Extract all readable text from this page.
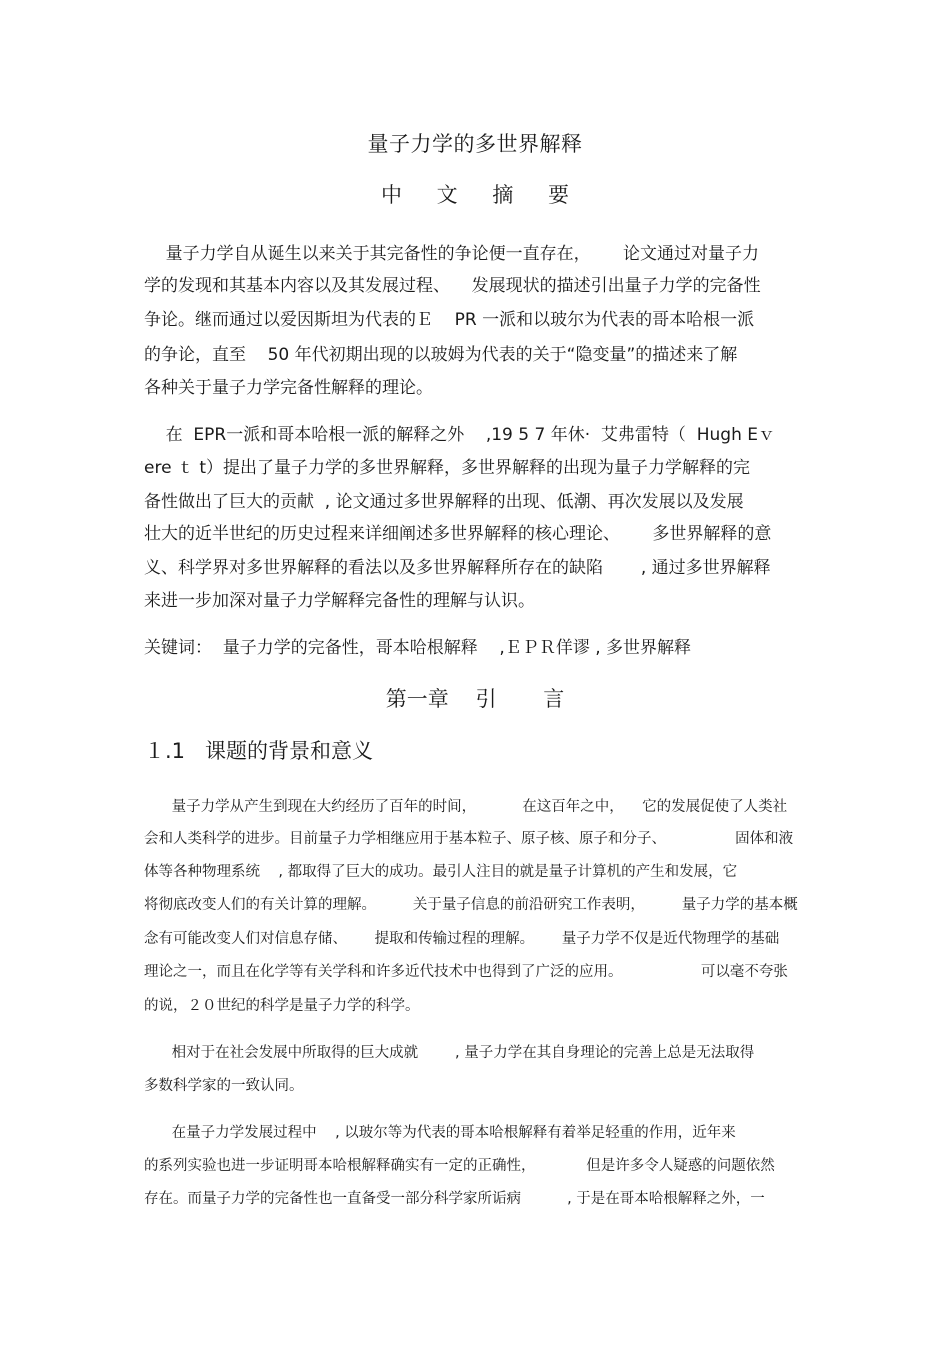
量子力学的多世界解释
中 文 摘 要
量子力学自从诞生以来关于其完备性的争论便一直存在，      论文通过对量子力
学的发现和其基本内容以及其发展过程、    发展现状的描述引出量子力学的完备性
争论。继而通过以爱因斯坦为代表的Ｅ    PR 一派和以玻尔为代表的哥本哈根一派
的争论，直至    50 年代初期出现的以玻姆为代表的关于“隐变量”的描述来了解
各种关于量子力学完备性解释的理论。
在  EPR一派和哥本哈根一派的解释之外    ,19 5 7 年休·  艾弗雷特（  Hugh Eｖ
ere ｔ t）提出了量子力学的多世界解释，多世界解释的出现为量子力学解释的完
备性做出了巨大的贡献  , 论文通过多世界解释的出现、低潮、再次发展以及发展
壮大的近半世纪的历史过程来详细阐述多世界解释的核心理论、      多世界解释的意
义、科学界对多世界解释的看法以及多世界解释所存在的缺陷       , 通过多世界解释
来进一步加深对量子力学解释完备性的理解与认识。
关键词：  量子力学的完备性，哥本哈根解释    ,ＥＰＲ佯谬 , 多世界解释
第一章    引       言
１.1   课题的背景和意义
量子力学从产生到现在大约经历了百年的时间，          在这百年之中，    它的发展促使了人类社
会和人类科学的进步。目前量子力学相继应用于基本粒子、原子核、原子和分子、               固体和液
体等各种物理系统    , 都取得了巨大的成功。最引人注目的就是量子计算机的产生和发展，它
将彻底改变人们的有关计算的理解。        关于量子信息的前沿研究工作表明，        量子力学的基本概
念有可能改变人们对信息存储、      提取和传输过程的理解。      量子力学不仅是近代物理学的基础
理论之一，而且在化学等有关学科和许多近代技术中也得到了广泛的应用。                 可以毫不夸张
的说，２０世纪的科学是量子力学的科学。
相对于在社会发展中所取得的巨大成就        , 量子力学在其自身理论的完善上总是无法取得
多数科学家的一致认同。
在量子力学发展过程中    , 以玻尔等为代表的哥本哈根解释有着举足轻重的作用，近年来
的系列实验也进一步证明哥本哈根解释确实有一定的正确性，           但是许多令人疑惑的问题依然
存在。而量子力学的完备性也一直备受一部分科学家所诟病          , 于是在哥本哈根解释之外，一
